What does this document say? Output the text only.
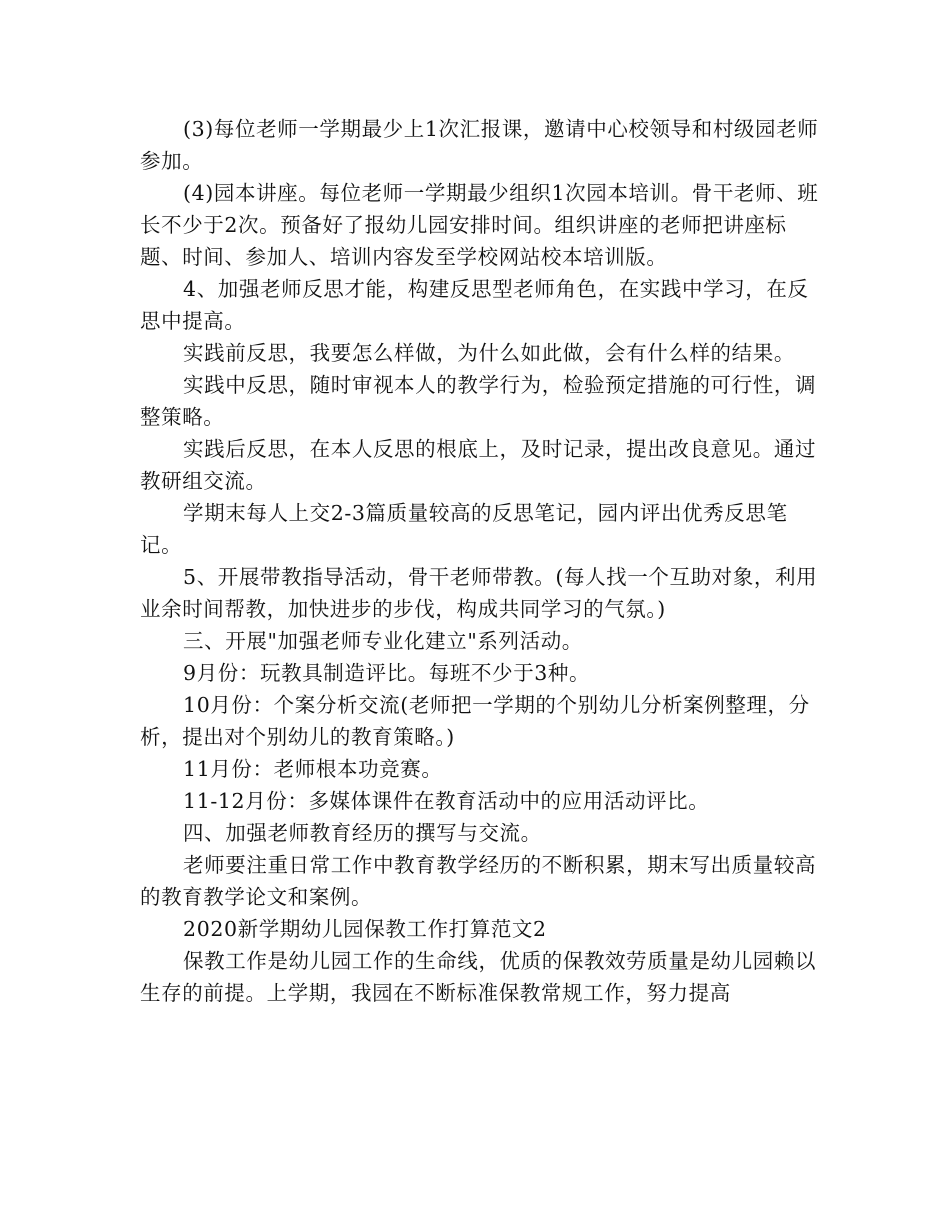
(3)每位老师一学期最少上1次汇报课，邀请中心校领导和村级园老师参加。

(4)园本讲座。每位老师一学期最少组织1次园本培训。骨干老师、班长不少于2次。预备好了报幼儿园安排时间。组织讲座的老师把讲座标题、时间、参加人、培训内容发至学校网站校本培训版。

4、加强老师反思才能，构建反思型老师角色，在实践中学习，在反思中提高。

实践前反思，我要怎么样做，为什么如此做，会有什么样的结果。

实践中反思，随时审视本人的教学行为，检验预定措施的可行性，调整策略。

实践后反思，在本人反思的根底上，及时记录，提出改良意见。通过教研组交流。

学期末每人上交2-3篇质量较高的反思笔记，园内评出优秀反思笔记。

5、开展带教指导活动，骨干老师带教。(每人找一个互助对象，利用业余时间帮教，加快进步的步伐，构成共同学习的气氛。)

三、开展"加强老师专业化建立"系列活动。

9月份：玩教具制造评比。每班不少于3种。

10月份：个案分析交流(老师把一学期的个别幼儿分析案例整理，分析，提出对个别幼儿的教育策略。)

11月份：老师根本功竞赛。

11-12月份：多媒体课件在教育活动中的应用活动评比。

四、加强老师教育经历的撰写与交流。

老师要注重日常工作中教育教学经历的不断积累，期末写出质量较高的教育教学论文和案例。

2020新学期幼儿园保教工作打算范文2

保教工作是幼儿园工作的生命线，优质的保教效劳质量是幼儿园赖以生存的前提。上学期，我园在不断标准保教常规工作，努力提高
